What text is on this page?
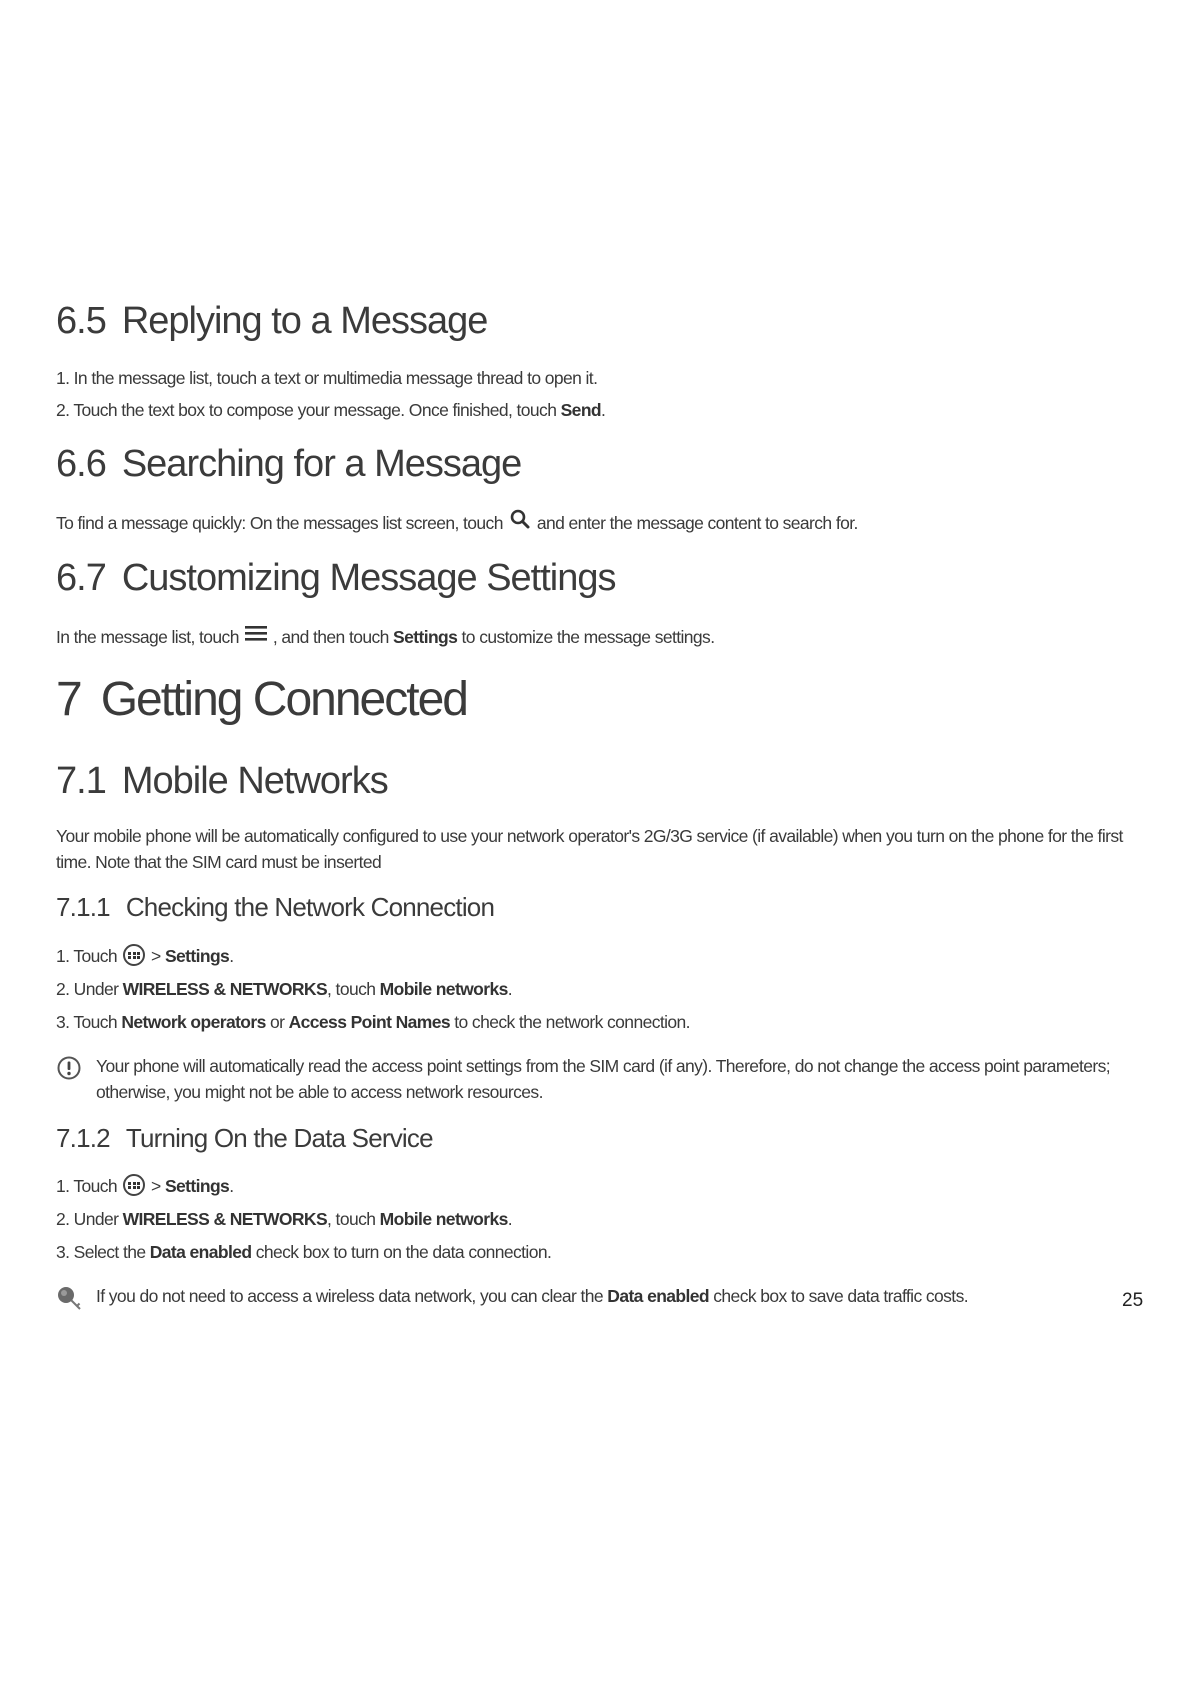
6.5 Replying to a Message
1. In the message list, touch a text or multimedia message thread to open it.
2. Touch the text box to compose your message. Once finished, touch Send.
6.6 Searching for a Message
To find a message quickly: On the messages list screen, touch and enter the message content to search for.
6.7 Customizing Message Settings
In the message list, touch , and then touch Settings to customize the message settings.
7 Getting Connected
7.1 Mobile Networks
Your mobile phone will be automatically configured to use your network operator's 2G/3G service (if available) when you turn on the phone for the first time. Note that the SIM card must be inserted
7.1.1 Checking the Network Connection
1. Touch > Settings.
2. Under WIRELESS & NETWORKS, touch Mobile networks.
3. Touch Network operators or Access Point Names to check the network connection.
Your phone will automatically read the access point settings from the SIM card (if any). Therefore, do not change the access point parameters; otherwise, you might not be able to access network resources.
7.1.2 Turning On the Data Service
1. Touch > Settings.
2. Under WIRELESS & NETWORKS, touch Mobile networks.
3. Select the Data enabled check box to turn on the data connection.
If you do not need to access a wireless data network, you can clear the Data enabled check box to save data traffic costs.	25
